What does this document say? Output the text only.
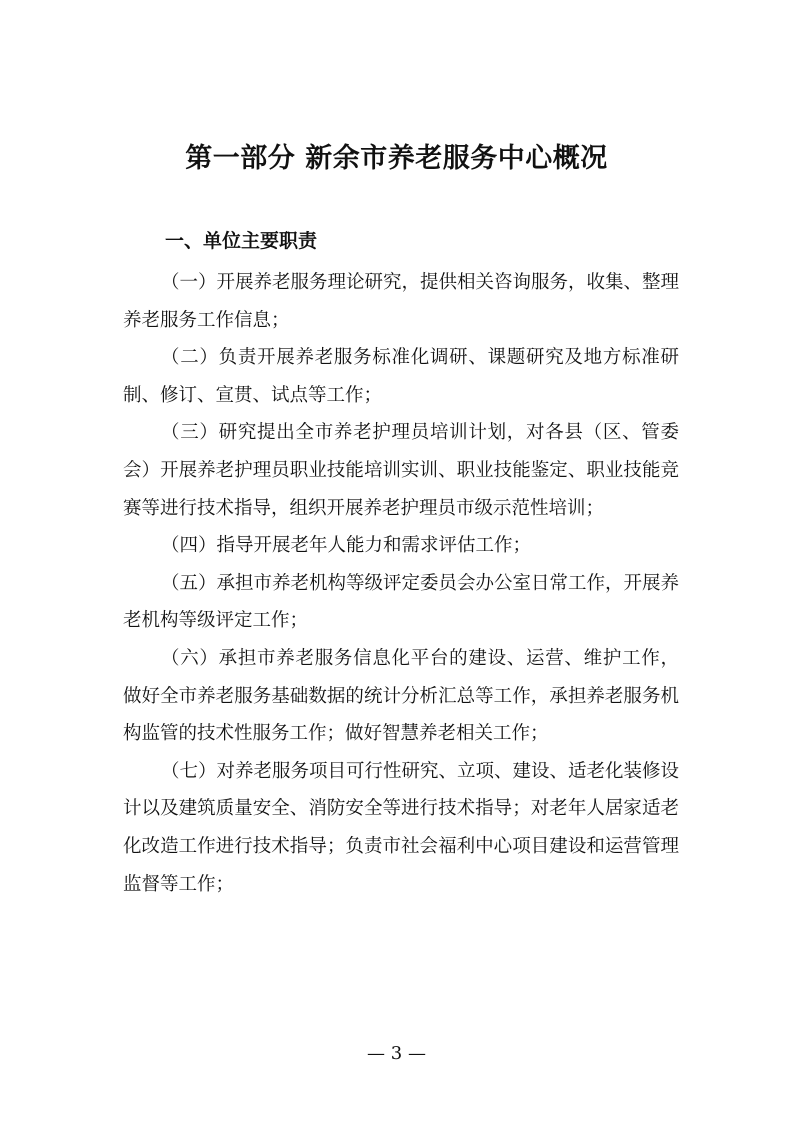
第一部分 新余市养老服务中心概况
一、单位主要职责

（一）开展养老服务理论研究，提供相关咨询服务，收集、整理养老服务工作信息；

（二）负责开展养老服务标准化调研、课题研究及地方标准研制、修订、宣贯、试点等工作；

（三）研究提出全市养老护理员培训计划，对各县（区、管委会）开展养老护理员职业技能培训实训、职业技能鉴定、职业技能竞赛等进行技术指导，组织开展养老护理员市级示范性培训；

（四）指导开展老年人能力和需求评估工作；

（五）承担市养老机构等级评定委员会办公室日常工作，开展养老机构等级评定工作；

（六）承担市养老服务信息化平台的建设、运营、维护工作， 做好全市养老服务基础数据的统计分析汇总等工作，承担养老服务机构监管的技术性服务工作；做好智慧养老相关工作；

（七）对养老服务项目可行性研究、立项、建设、适老化装修设计以及建筑质量安全、消防安全等进行技术指导；对老年人居家适老化改造工作进行技术指导；负责市社会福利中心项目建设和运营管理监督等工作；

— 3 —
